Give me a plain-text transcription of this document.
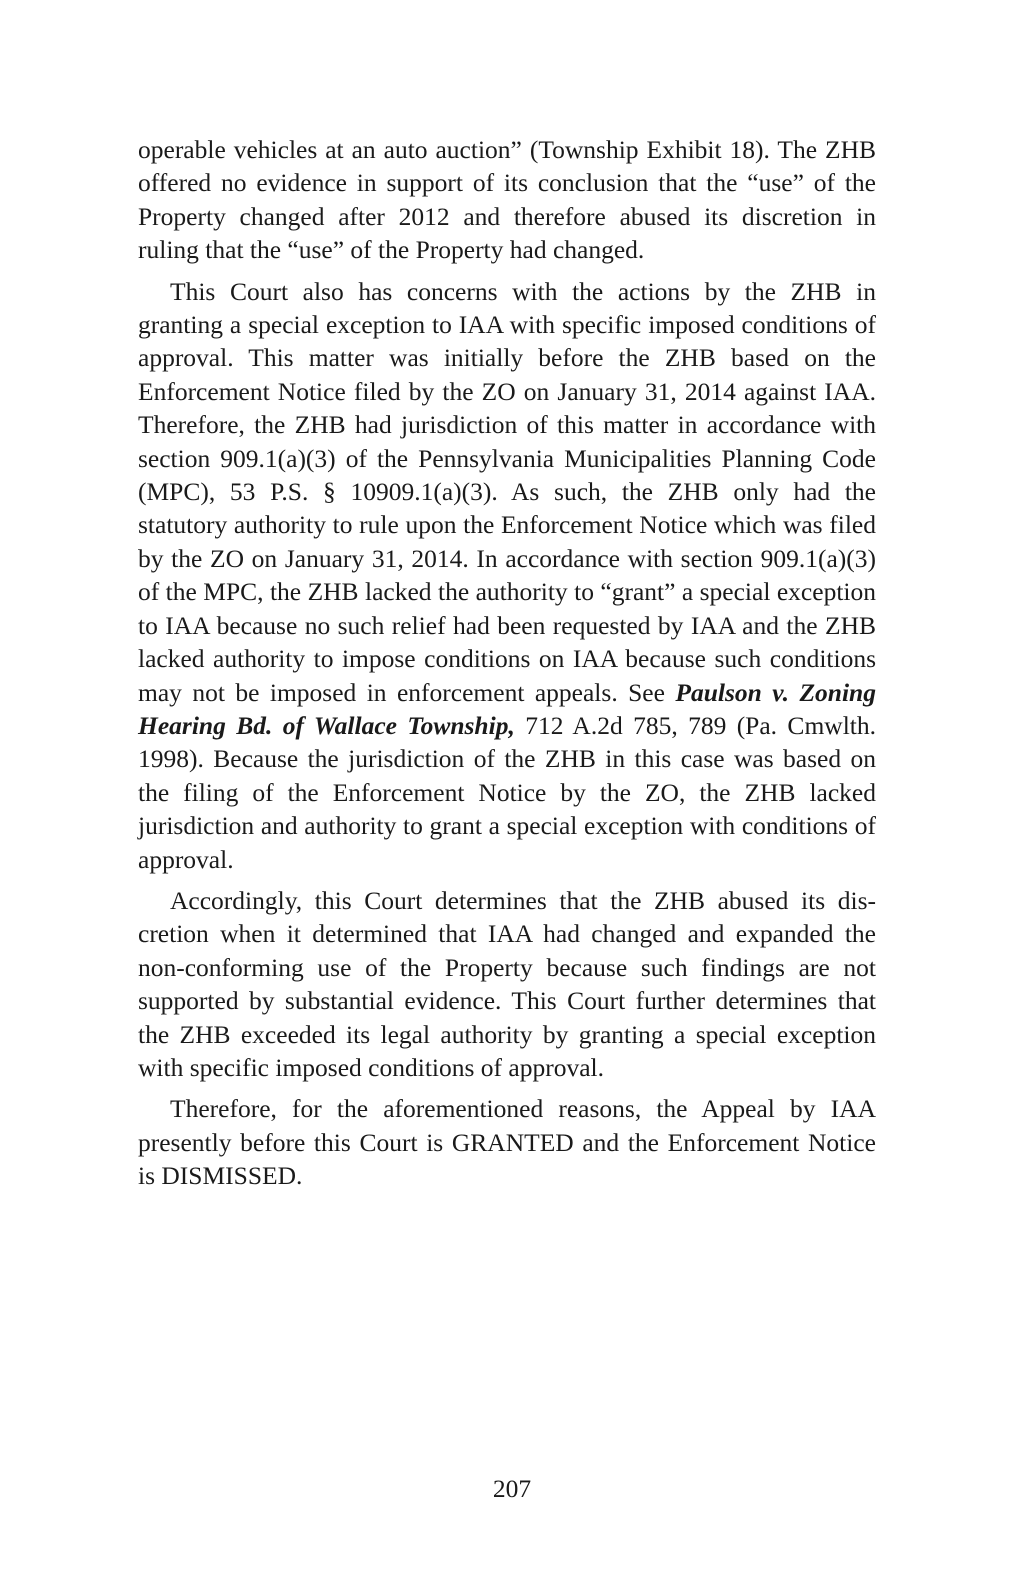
operable vehicles at an auto auction” (Township Exhibit 18). The ZHB offered no evidence in support of its conclusion that the “use” of the Property changed after 2012 and therefore abused its discretion in ruling that the “use” of the Property had changed.

This Court also has concerns with the actions by the ZHB in granting a special exception to IAA with specific imposed conditions of approval. This matter was initially before the ZHB based on the Enforcement Notice filed by the ZO on January 31, 2014 against IAA. Therefore, the ZHB had jurisdiction of this matter in accordance with section 909.1(a)(3) of the Pennsylvania Municipalities Planning Code (MPC), 53 P.S. § 10909.1(a)(3). As such, the ZHB only had the statutory authority to rule upon the Enforcement Notice which was filed by the ZO on January 31, 2014. In accordance with section 909.1(a)(3) of the MPC, the ZHB lacked the authority to “grant” a special exception to IAA because no such relief had been requested by IAA and the ZHB lacked authority to impose conditions on IAA because such conditions may not be imposed in enforcement appeals. See Paulson v. Zoning Hearing Bd. of Wallace Township, 712 A.2d 785, 789 (Pa. Cmwlth. 1998). Because the jurisdiction of the ZHB in this case was based on the filing of the Enforcement Notice by the ZO, the ZHB lacked jurisdiction and authority to grant a special exception with conditions of approval.

Accordingly, this Court determines that the ZHB abused its discretion when it determined that IAA had changed and expanded the non-conforming use of the Property because such findings are not supported by substantial evidence. This Court further determines that the ZHB exceeded its legal authority by granting a special exception with specific imposed conditions of approval.

Therefore, for the aforementioned reasons, the Appeal by IAA presently before this Court is GRANTED and the Enforcement Notice is DISMISSED.

207
